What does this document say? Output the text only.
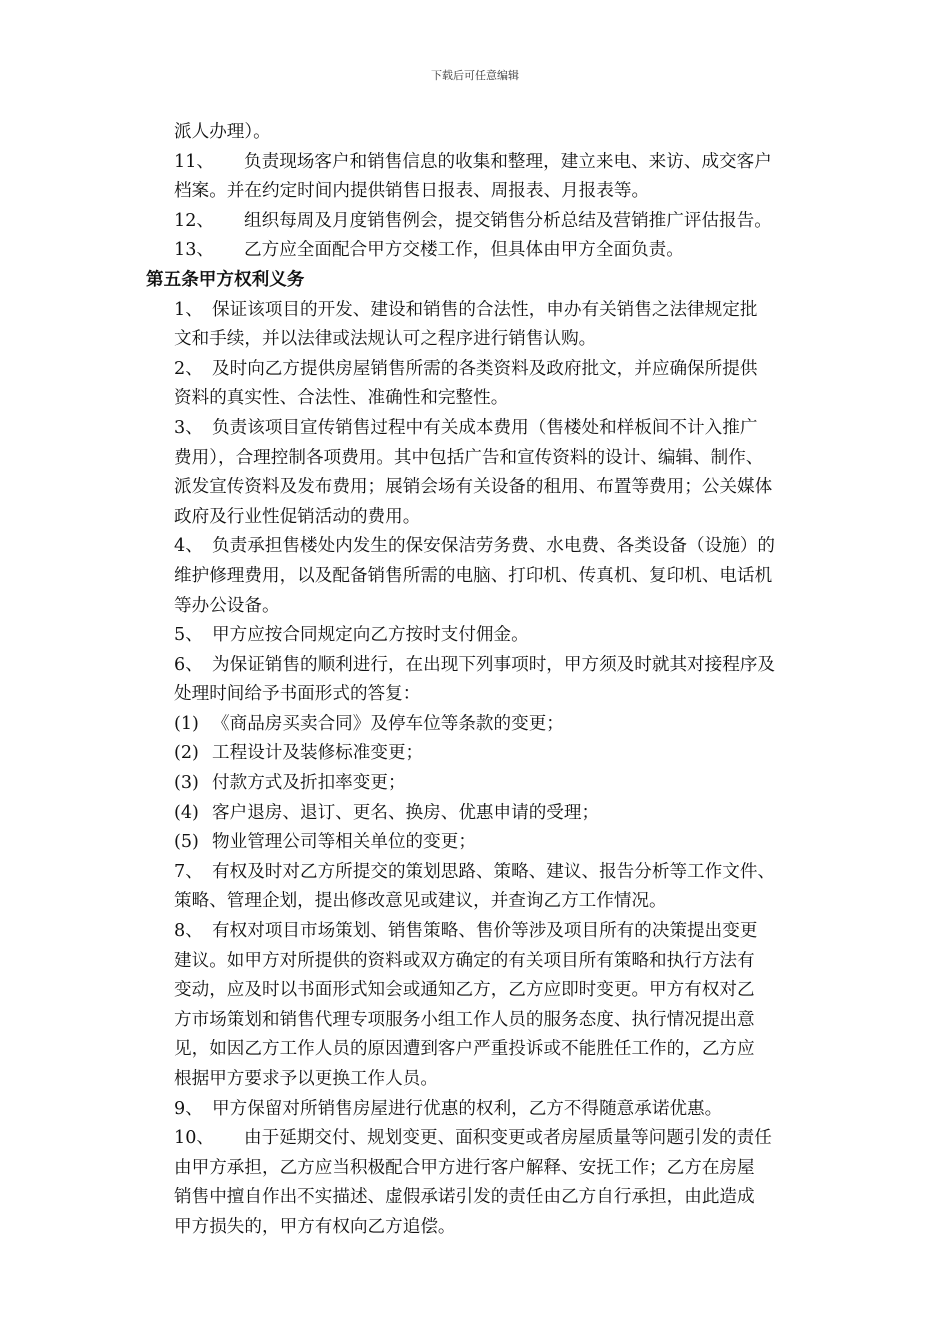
下载后可任意编辑
派人办理）。
11、 负责现场客户和销售信息的收集和整理，建立来电、来访、成交客户
档案。并在约定时间内提供销售日报表、周报表、月报表等。
12、 组织每周及月度销售例会，提交销售分析总结及营销推广评估报告。
13、 乙方应全面配合甲方交楼工作，但具体由甲方全面负责。
第五条甲方权利义务
1、 保证该项目的开发、建设和销售的合法性，申办有关销售之法律规定批
文和手续，并以法律或法规认可之程序进行销售认购。
2、 及时向乙方提供房屋销售所需的各类资料及政府批文，并应确保所提供
资料的真实性、合法性、准确性和完整性。
3、 负责该项目宣传销售过程中有关成本费用（售楼处和样板间不计入推广
费用），合理控制各项费用。其中包括广告和宣传资料的设计、编辑、制作、
派发宣传资料及发布费用；展销会场有关设备的租用、布置等费用；公关媒体
政府及行业性促销活动的费用。
4、 负责承担售楼处内发生的保安保洁劳务费、水电费、各类设备（设施）的
维护修理费用，以及配备销售所需的电脑、打印机、传真机、复印机、电话机
等办公设备。
5、 甲方应按合同规定向乙方按时支付佣金。
6、 为保证销售的顺利进行，在出现下列事项时，甲方须及时就其对接程序及
处理时间给予书面形式的答复：
(1) 《商品房买卖合同》及停车位等条款的变更；
(2) 工程设计及装修标准变更；
(3) 付款方式及折扣率变更；
(4) 客户退房、退订、更名、换房、优惠申请的受理；
(5) 物业管理公司等相关单位的变更；
7、 有权及时对乙方所提交的策划思路、策略、建议、报告分析等工作文件、
策略、管理企划，提出修改意见或建议，并查询乙方工作情况。
8、 有权对项目市场策划、销售策略、售价等涉及项目所有的决策提出变更
建议。如甲方对所提供的资料或双方确定的有关项目所有策略和执行方法有
变动，应及时以书面形式知会或通知乙方，乙方应即时变更。甲方有权对乙
方市场策划和销售代理专项服务小组工作人员的服务态度、执行情况提出意
见，如因乙方工作人员的原因遭到客户严重投诉或不能胜任工作的，乙方应
根据甲方要求予以更换工作人员。
9、 甲方保留对所销售房屋进行优惠的权利，乙方不得随意承诺优惠。
10、 由于延期交付、规划变更、面积变更或者房屋质量等问题引发的责任
由甲方承担，乙方应当积极配合甲方进行客户解释、安抚工作；乙方在房屋
销售中擅自作出不实描述、虚假承诺引发的责任由乙方自行承担，由此造成
甲方损失的，甲方有权向乙方追偿。
